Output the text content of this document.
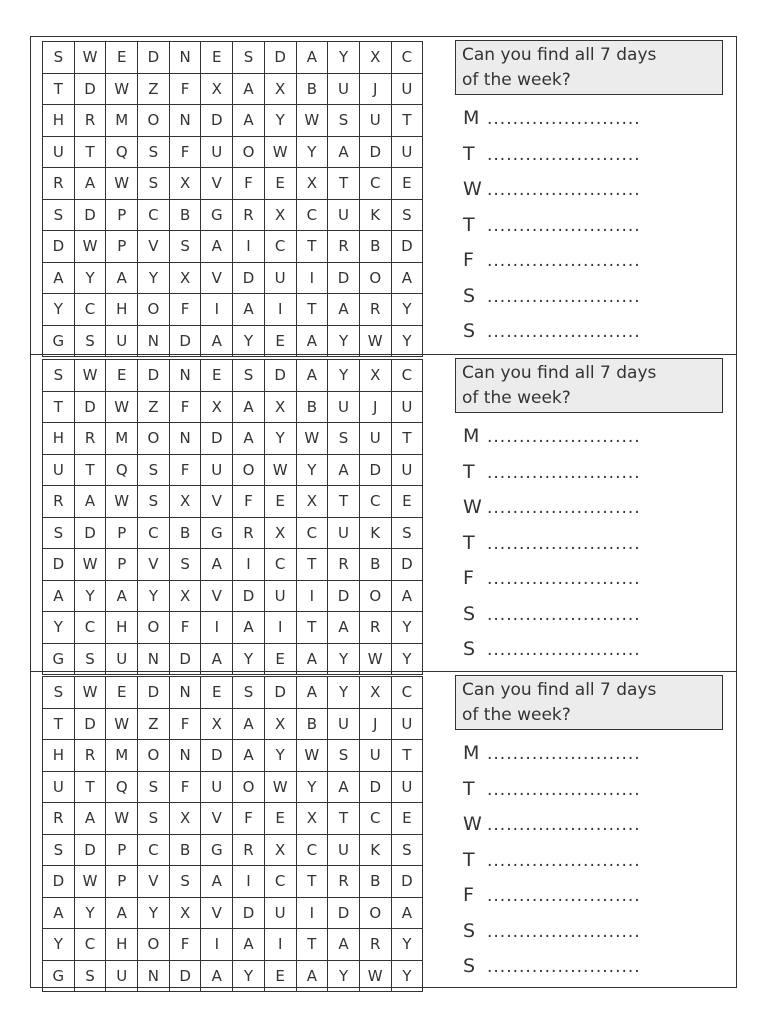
S	W	E	D	N	E	S	D	A	Y	X	C
T	D	W	Z	F	X	A	X	B	U	J	U
H	R	M	O	N	D	A	Y	W	S	U	T
U	T	Q	S	F	U	O	W	Y	A	D	U
R	A	W	S	X	V	F	E	X	T	C	E
S	D	P	C	B	G	R	X	C	U	K	S
D	W	P	V	S	A	I	C	T	R	B	D
A	Y	A	Y	X	V	D	U	I	D	O	A
Y	C	H	O	F	I	A	I	T	A	R	Y
G	S	U	N	D	A	Y	E	A	Y	W	Y
Can you find all 7 days
of the week?
M ........................
T ........................
W ........................
T ........................
F ........................
S ........................
S ........................
S	W	E	D	N	E	S	D	A	Y	X	C
T	D	W	Z	F	X	A	X	B	U	J	U
H	R	M	O	N	D	A	Y	W	S	U	T
U	T	Q	S	F	U	O	W	Y	A	D	U
R	A	W	S	X	V	F	E	X	T	C	E
S	D	P	C	B	G	R	X	C	U	K	S
D	W	P	V	S	A	I	C	T	R	B	D
A	Y	A	Y	X	V	D	U	I	D	O	A
Y	C	H	O	F	I	A	I	T	A	R	Y
G	S	U	N	D	A	Y	E	A	Y	W	Y
Can you find all 7 days
of the week?
M ........................
T ........................
W ........................
T ........................
F ........................
S ........................
S ........................
S	W	E	D	N	E	S	D	A	Y	X	C
T	D	W	Z	F	X	A	X	B	U	J	U
H	R	M	O	N	D	A	Y	W	S	U	T
U	T	Q	S	F	U	O	W	Y	A	D	U
R	A	W	S	X	V	F	E	X	T	C	E
S	D	P	C	B	G	R	X	C	U	K	S
D	W	P	V	S	A	I	C	T	R	B	D
A	Y	A	Y	X	V	D	U	I	D	O	A
Y	C	H	O	F	I	A	I	T	A	R	Y
G	S	U	N	D	A	Y	E	A	Y	W	Y
Can you find all 7 days
of the week?
M ........................
T ........................
W ........................
T ........................
F ........................
S ........................
S ........................
